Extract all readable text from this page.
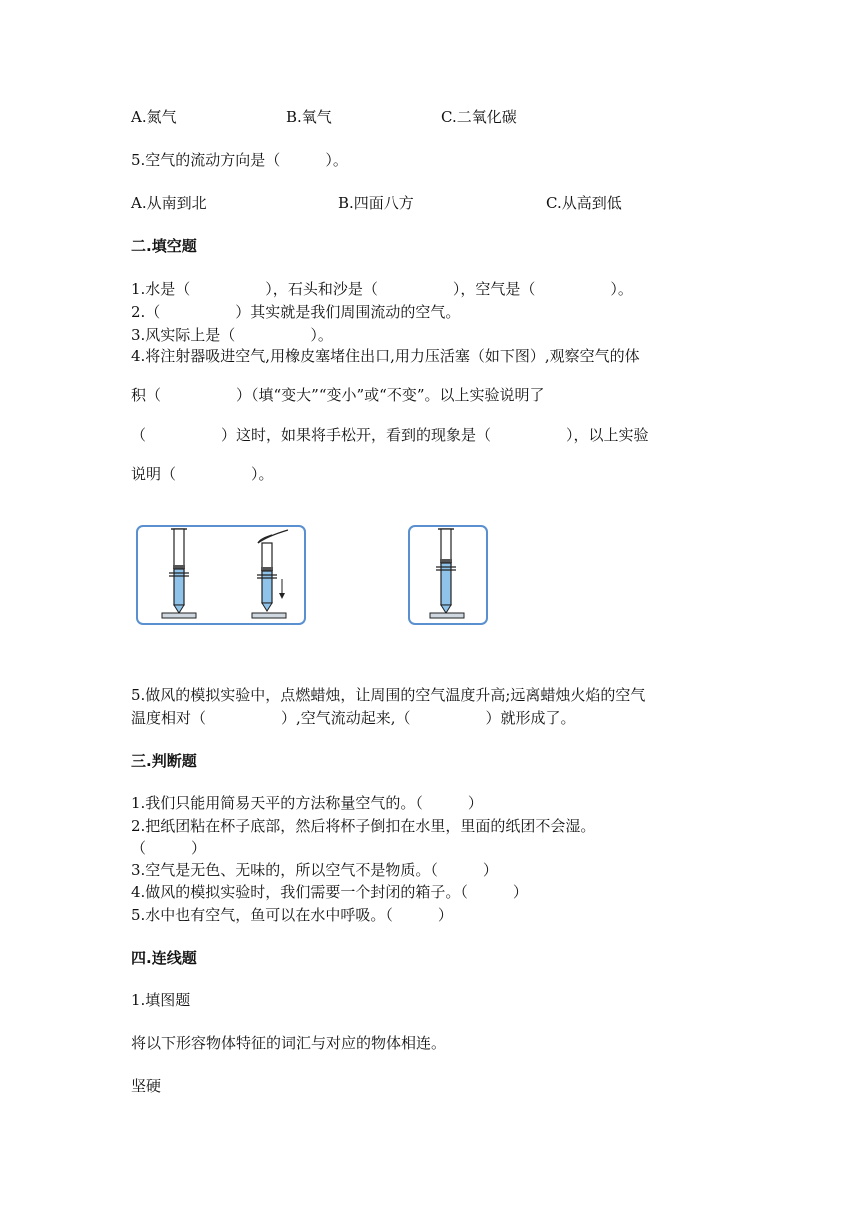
A.氮气	B.氧气	C.二氧化碳
5.空气的流动方向是（　　　）。
A.从南到北	B.四面八方	C.从高到低
二.填空题
1.水是（　　　　　），石头和沙是（　　　　　），空气是（　　　　　）。
2.（　　　　　）其实就是我们周围流动的空气。
3.风实际上是（　　　　　）。
4.将注射器吸进空气,用橡皮塞堵住出口,用力压活塞（如下图）,观察空气的体
积（　　　　　）（填“变大”“变小”或“不变”。以上实验说明了
（　　　　　）这时，如果将手松开，看到的现象是（　　　　　），以上实验
说明（　　　　　）。
5.做风的模拟实验中，点燃蜡烛，让周围的空气温度升高;远离蜡烛火焰的空气
温度相对（　　　　　）,空气流动起来,（　　　　　）就形成了。
三.判断题
1.我们只能用简易天平的方法称量空气的。（　　　）
2.把纸团粘在杯子底部，然后将杯子倒扣在水里，里面的纸团不会湿。
（　　　）
3.空气是无色、无味的，所以空气不是物质。（　　　）
4.做风的模拟实验时，我们需要一个封闭的箱子。（　　　）
5.水中也有空气，鱼可以在水中呼吸。（　　　）
四.连线题
1.填图题
将以下形容物体特征的词汇与对应的物体相连。
坚硬
